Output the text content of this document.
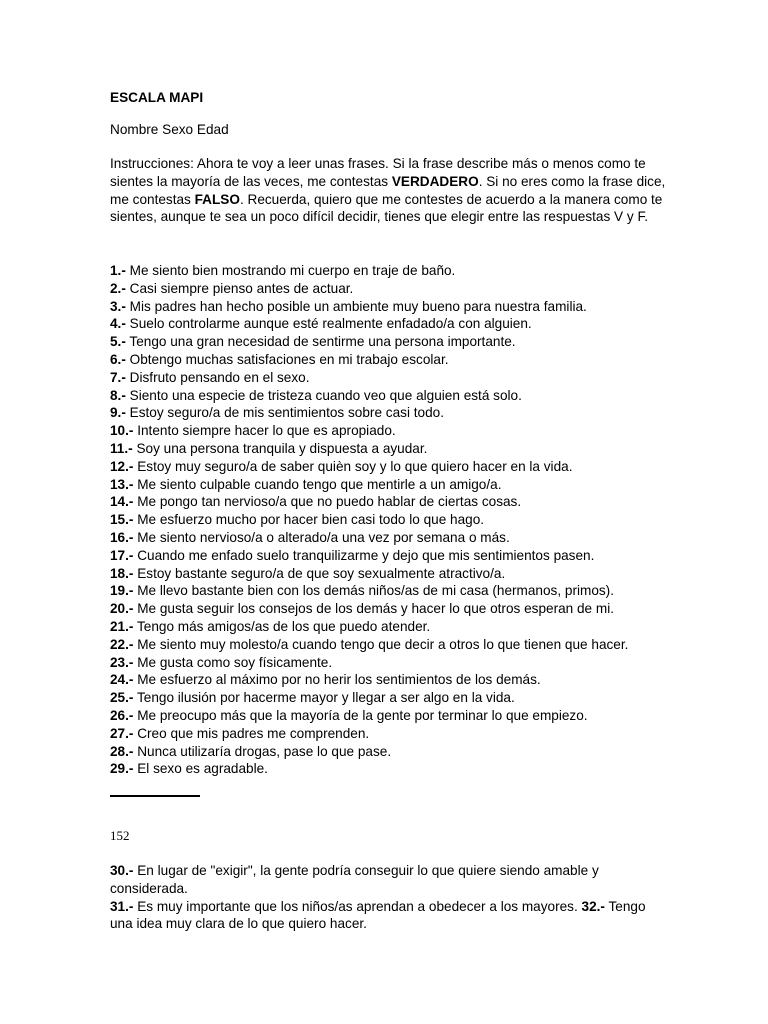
ESCALA MAPI
Nombre Sexo Edad
Instrucciones: Ahora te voy a leer unas frases. Si la frase describe más o menos como te sientes la mayoría de las veces, me contestas VERDADERO. Si no eres como la frase dice, me contestas FALSO. Recuerda, quiero que me contestes de acuerdo a la manera como te sientes, aunque te sea un poco difícil decidir, tienes que elegir entre las respuestas V y F.
1.- Me siento bien mostrando mi cuerpo en traje de baño.
2.- Casi siempre pienso antes de actuar.
3.- Mis padres han hecho posible un ambiente muy bueno para nuestra familia.
4.- Suelo controlarme aunque esté realmente enfadado/a con alguien.
5.- Tengo una gran necesidad de sentirme una persona importante.
6.- Obtengo muchas satisfaciones en mi trabajo escolar.
7.- Disfruto pensando en el sexo.
8.- Siento una especie de tristeza cuando veo que alguien está solo.
9.- Estoy seguro/a de mis sentimientos sobre casi todo.
10.- Intento siempre hacer lo que es apropiado.
11.- Soy una persona tranquila y dispuesta a ayudar.
12.- Estoy muy seguro/a de saber quièn soy y lo que quiero hacer en la vida.
13.- Me siento culpable cuando tengo que mentirle a un amigo/a.
14.- Me pongo tan nervioso/a que no puedo hablar de ciertas cosas.
15.- Me esfuerzo mucho por hacer bien casi todo lo que hago.
16.- Me siento nervioso/a o alterado/a una vez por semana o más.
17.- Cuando me enfado suelo tranquilizarme y dejo que mis sentimientos pasen.
18.- Estoy bastante seguro/a de que soy sexualmente atractivo/a.
19.- Me llevo bastante bien con los demás niños/as de mi casa (hermanos, primos).
20.- Me gusta seguir los consejos de los demás y hacer lo que otros esperan de mi.
21.- Tengo más amigos/as de los que puedo atender.
22.- Me siento muy molesto/a cuando tengo que decir a otros lo que tienen que hacer.
23.- Me gusta como soy físicamente.
24.- Me esfuerzo al máximo por no herir los sentimientos de los demás.
25.- Tengo ilusión por hacerme mayor y llegar a ser algo en la vida.
26.- Me preocupo más que la mayoría de la gente por terminar lo que empiezo.
27.- Creo que mis padres me comprenden.
28.- Nunca utilizaría drogas, pase lo que pase.
29.- El sexo es agradable.
152
30.- En lugar de "exigir", la gente podría conseguir lo que quiere siendo amable y considerada.
31.- Es muy importante que los niños/as aprendan a obedecer a los mayores. 32.- Tengo una idea muy clara de lo que quiero hacer.
